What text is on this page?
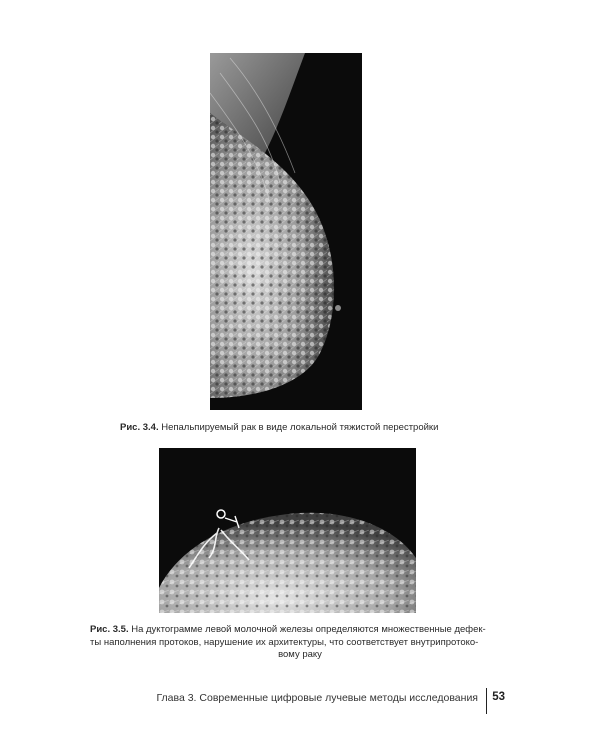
Рис. 3.4. Непальпируемый рак в виде локальной тяжистой перестройки
Рис. 3.5. На дуктограмме левой молочной железы определяются множественные дефек-
ты наполнения протоков, нарушение их архитектуры, что соответствует внутрипротоко-
вому раку
Глава 3. Современные цифровые лучевые методы исследования 53
